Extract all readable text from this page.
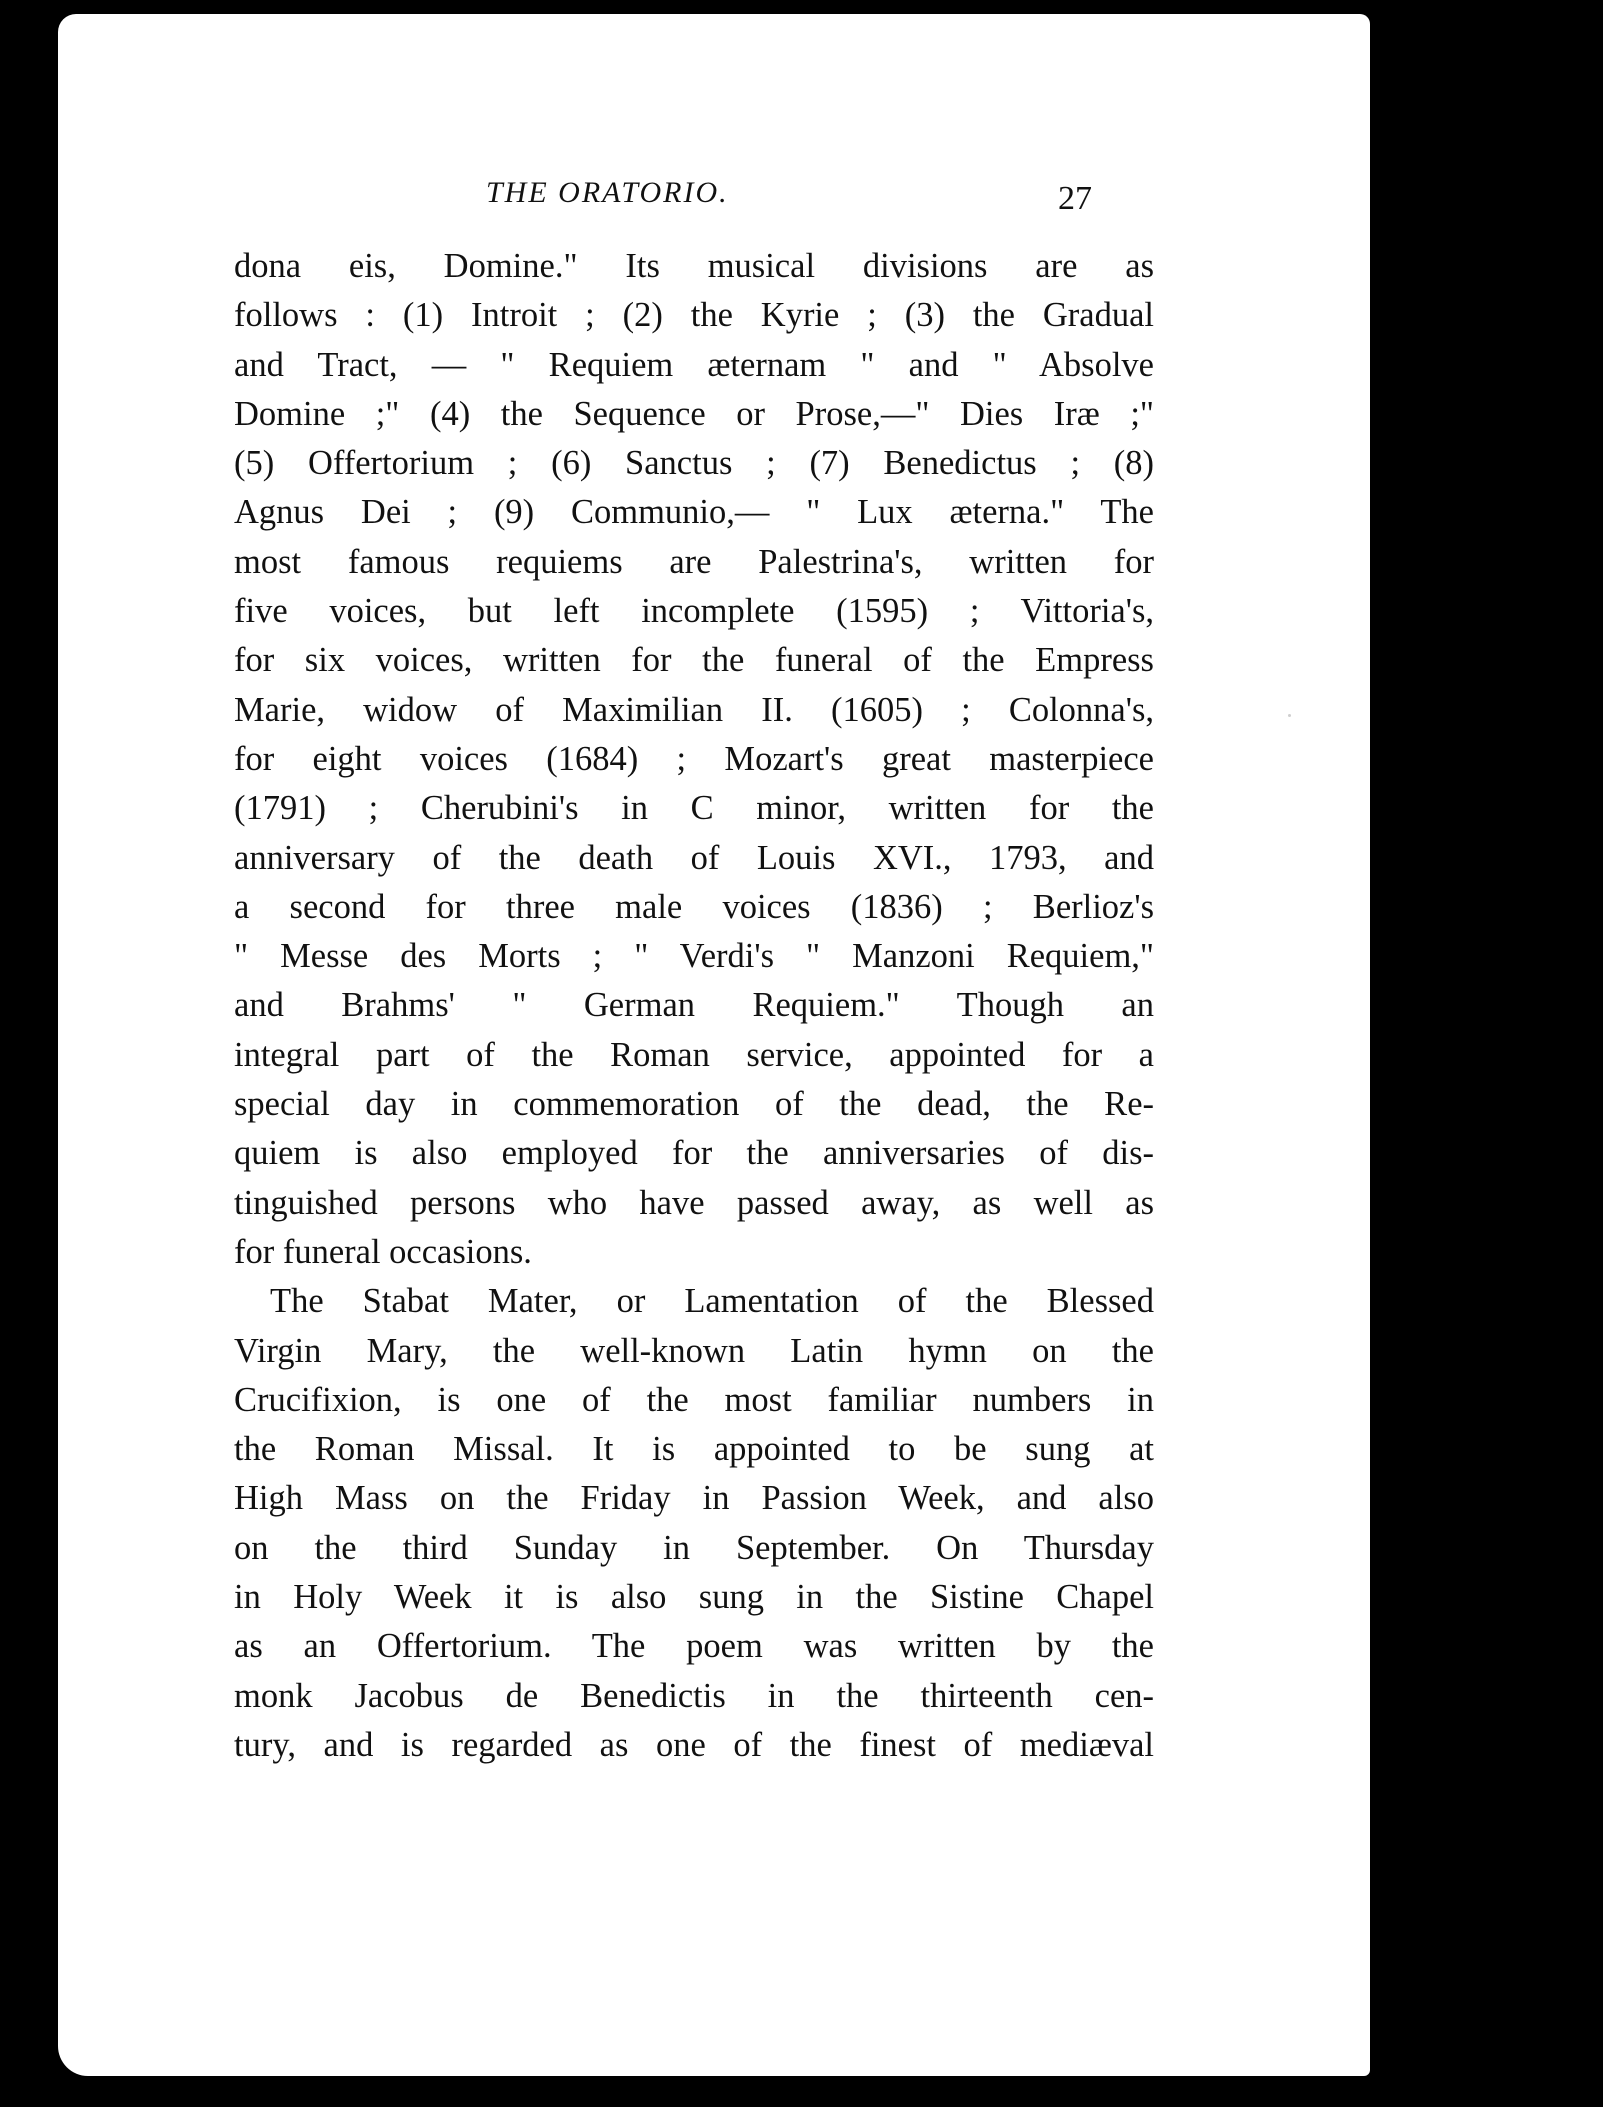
THE ORATORIO.	27
dona eis, Domine." Its musical divisions are as
follows : (1) Introit ; (2) the Kyrie ; (3) the Gradual
and Tract, — " Requiem æternam " and " Absolve
Domine ;" (4) the Sequence or Prose,—" Dies Iræ ;"
(5) Offertorium ; (6) Sanctus ; (7) Benedictus ; (8)
Agnus Dei ; (9) Communio,— " Lux æterna." The
most famous requiems are Palestrina's, written for
five voices, but left incomplete (1595) ; Vittoria's,
for six voices, written for the funeral of the Empress
Marie, widow of Maximilian II. (1605) ; Colonna's,
for eight voices (1684) ; Mozart's great masterpiece
(1791) ; Cherubini's in C minor, written for the
anniversary of the death of Louis XVI., 1793, and
a second for three male voices (1836) ; Berlioz's
" Messe des Morts ; " Verdi's " Manzoni Requiem,"
and Brahms' " German Requiem." Though an
integral part of the Roman service, appointed for a
special day in commemoration of the dead, the Re-
quiem is also employed for the anniversaries of dis-
tinguished persons who have passed away, as well as
for funeral occasions.
The Stabat Mater, or Lamentation of the Blessed
Virgin Mary, the well-known Latin hymn on the
Crucifixion, is one of the most familiar numbers in
the Roman Missal. It is appointed to be sung at
High Mass on the Friday in Passion Week, and also
on the third Sunday in September. On Thursday
in Holy Week it is also sung in the Sistine Chapel
as an Offertorium. The poem was written by the
monk Jacobus de Benedictis in the thirteenth cen-
tury, and is regarded as one of the finest of mediæval
